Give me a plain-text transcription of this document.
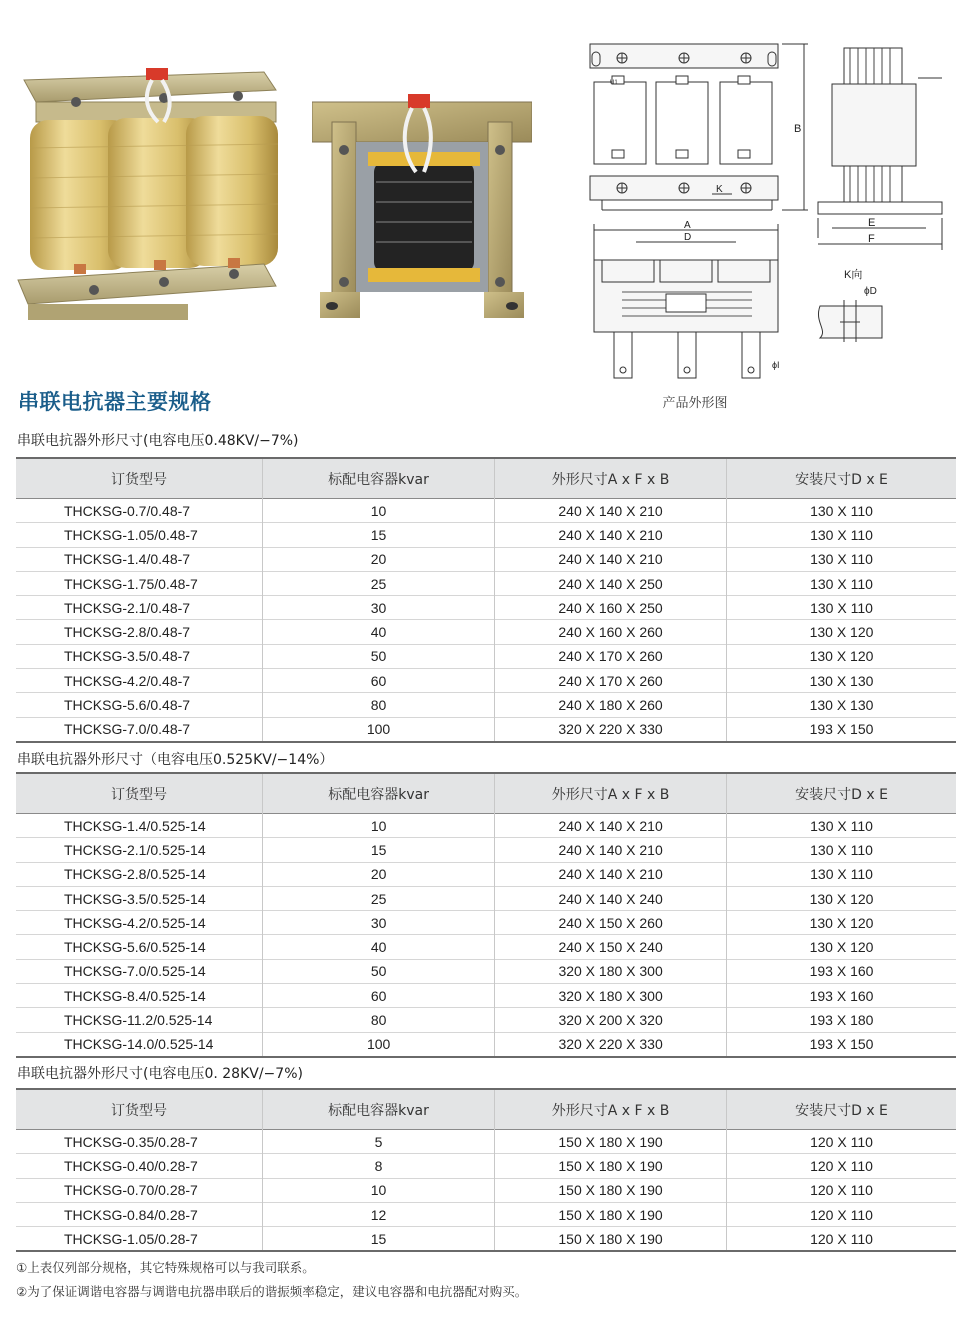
B
K
U1
E
F
A
D
ϕI
K向
ϕD
产品外形图
串联电抗器主要规格
串联电抗器外形尺寸(电容电压0.48KV/−7%)
订货型号	标配电容器kvar	外形尺寸A x F x B	安装尺寸D x E
THCKSG-0.7/0.48-7	10	240 X 140 X 210	130 X 110
THCKSG-1.05/0.48-7	15	240 X 140 X 210	130 X 110
THCKSG-1.4/0.48-7	20	240 X 140 X 210	130 X 110
THCKSG-1.75/0.48-7	25	240 X 140 X 250	130 X 110
THCKSG-2.1/0.48-7	30	240 X 160 X 250	130 X 110
THCKSG-2.8/0.48-7	40	240 X 160 X 260	130 X 120
THCKSG-3.5/0.48-7	50	240 X 170 X 260	130 X 120
THCKSG-4.2/0.48-7	60	240 X 170 X 260	130 X 130
THCKSG-5.6/0.48-7	80	240 X 180 X 260	130 X 130
THCKSG-7.0/0.48-7	100	320 X 220 X 330	193 X 150
串联电抗器外形尺寸（电容电压0.525KV/−14%）
订货型号	标配电容器kvar	外形尺寸A x F x B	安装尺寸D x E
THCKSG-1.4/0.525-14	10	240 X 140 X 210	130 X 110
THCKSG-2.1/0.525-14	15	240 X 140 X 210	130 X 110
THCKSG-2.8/0.525-14	20	240 X 140 X 210	130 X 110
THCKSG-3.5/0.525-14	25	240 X 140 X 240	130 X 120
THCKSG-4.2/0.525-14	30	240 X 150 X 260	130 X 120
THCKSG-5.6/0.525-14	40	240 X 150 X 240	130 X 120
THCKSG-7.0/0.525-14	50	320 X 180 X 300	193 X 160
THCKSG-8.4/0.525-14	60	320 X 180 X 300	193 X 160
THCKSG-11.2/0.525-14	80	320 X 200 X 320	193 X 180
THCKSG-14.0/0.525-14	100	320 X 220 X 330	193 X 150
串联电抗器外形尺寸(电容电压0. 28KV/−7%)
订货型号	标配电容器kvar	外形尺寸A x F x B	安装尺寸D x E
THCKSG-0.35/0.28-7	5	150 X 180 X 190	120 X 110
THCKSG-0.40/0.28-7	8	150 X 180 X 190	120 X 110
THCKSG-0.70/0.28-7	10	150 X 180 X 190	120 X 110
THCKSG-0.84/0.28-7	12	150 X 180 X 190	120 X 110
THCKSG-1.05/0.28-7	15	150 X 180 X 190	120 X 110
①上表仅列部分规格，其它特殊规格可以与我司联系。
②为了保证调谐电容器与调谐电抗器串联后的谐振频率稳定，建议电容器和电抗器配对购买。
